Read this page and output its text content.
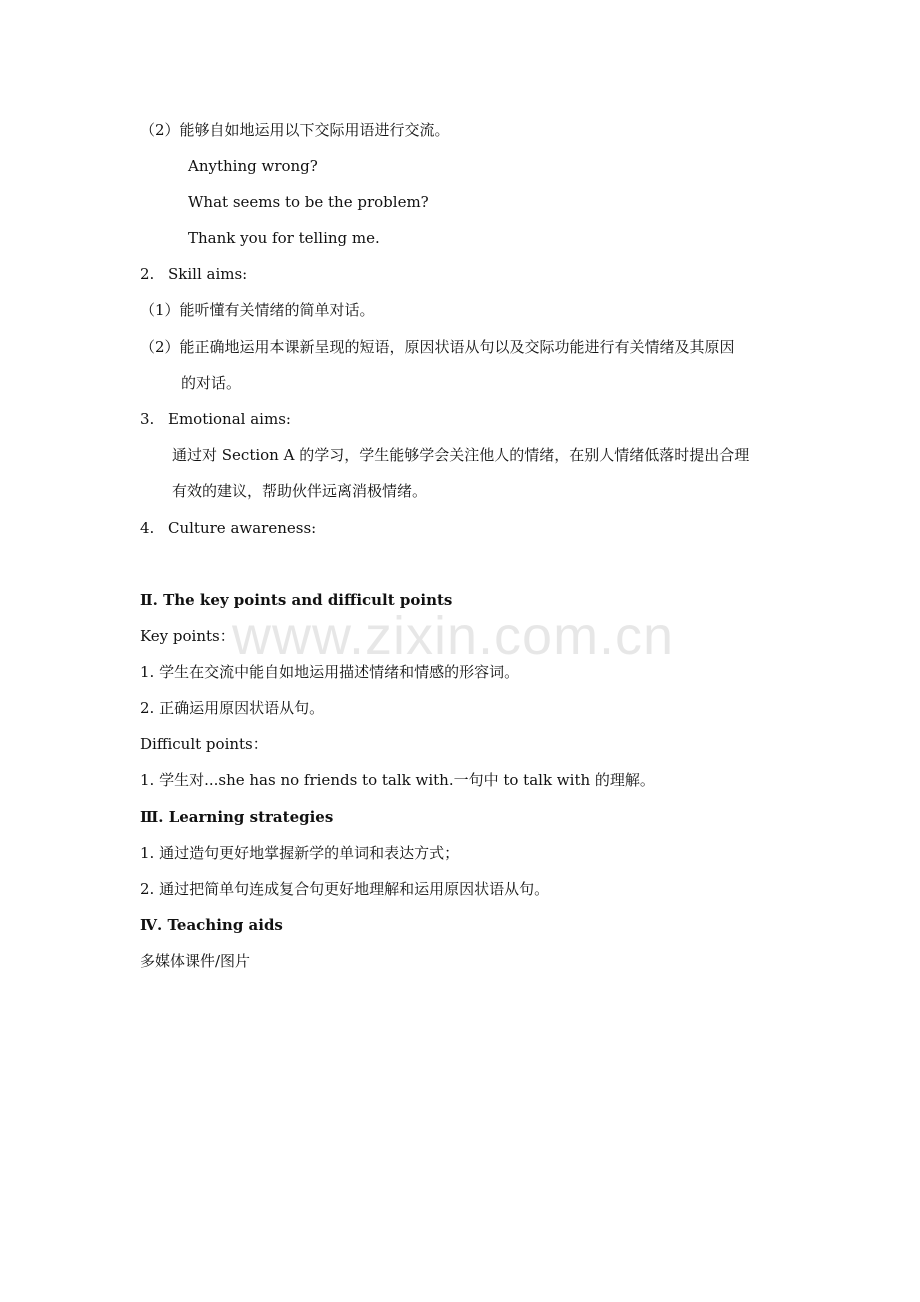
（2）能够自如地运用以下交际用语进行交流。
Anything wrong?
What seems to be the problem?
Thank you for telling me.
2. Skill aims:
（1）能听懂有关情绪的简单对话。
（2）能正确地运用本课新呈现的短语，原因状语从句以及交际功能进行有关情绪及其原因
的对话。
3. Emotional aims:
通过对 Section A 的学习，学生能够学会关注他人的情绪，在别人情绪低落时提出合理
有效的建议，帮助伙伴远离消极情绪。
4. Culture awareness:
Ⅱ. The key points and difficult points
Key points：
1. 学生在交流中能自如地运用描述情绪和情感的形容词。
2. 正确运用原因状语从句。
Difficult points：
1. 学生对...she has no friends to talk with.一句中 to talk with 的理解。
Ⅲ. Learning strategies
1. 通过造句更好地掌握新学的单词和表达方式；
2. 通过把简单句连成复合句更好地理解和运用原因状语从句。
Ⅳ. Teaching aids
多媒体课件/图片
www.zixin.com.cn
